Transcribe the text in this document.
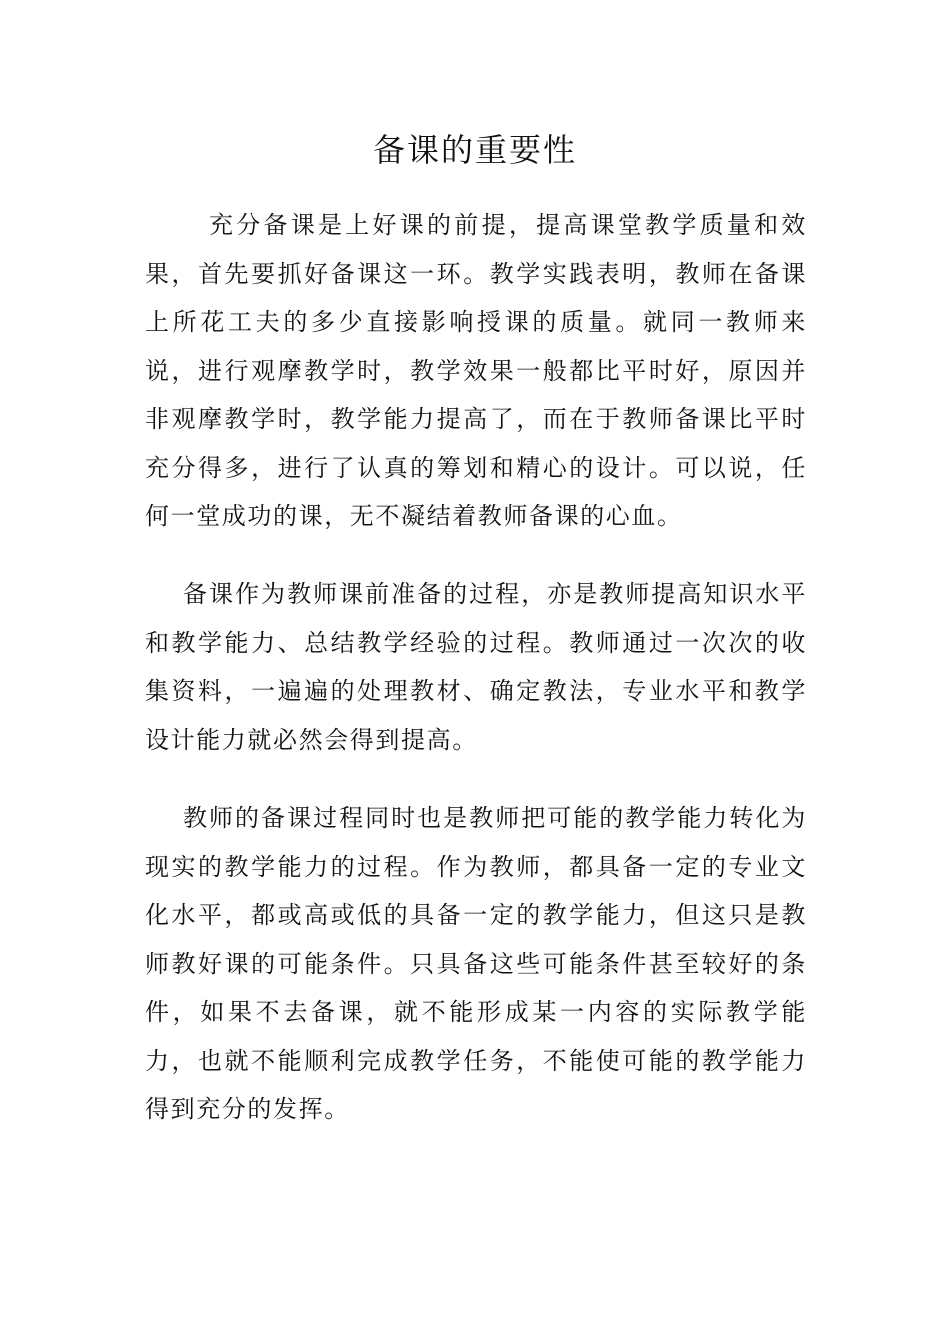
备课的重要性

充分备课是上好课的前提，提高课堂教学质量和效果，首先要抓好备课这一环。教学实践表明，教师在备课上所花工夫的多少直接影响授课的质量。就同一教师来说，进行观摩教学时，教学效果一般都比平时好，原因并非观摩教学时，教学能力提高了，而在于教师备课比平时充分得多，进行了认真的筹划和精心的设计。可以说，任何一堂成功的课，无不凝结着教师备课的心血。

备课作为教师课前准备的过程，亦是教师提高知识水平和教学能力、总结教学经验的过程。教师通过一次次的收集资料，一遍遍的处理教材、确定教法，专业水平和教学设计能力就必然会得到提高。

教师的备课过程同时也是教师把可能的教学能力转化为现实的教学能力的过程。作为教师，都具备一定的专业文化水平，都或高或低的具备一定的教学能力，但这只是教师教好课的可能条件。只具备这些可能条件甚至较好的条件，如果不去备课，就不能形成某一内容的实际教学能力，也就不能顺利完成教学任务，不能使可能的教学能力得到充分的发挥。
